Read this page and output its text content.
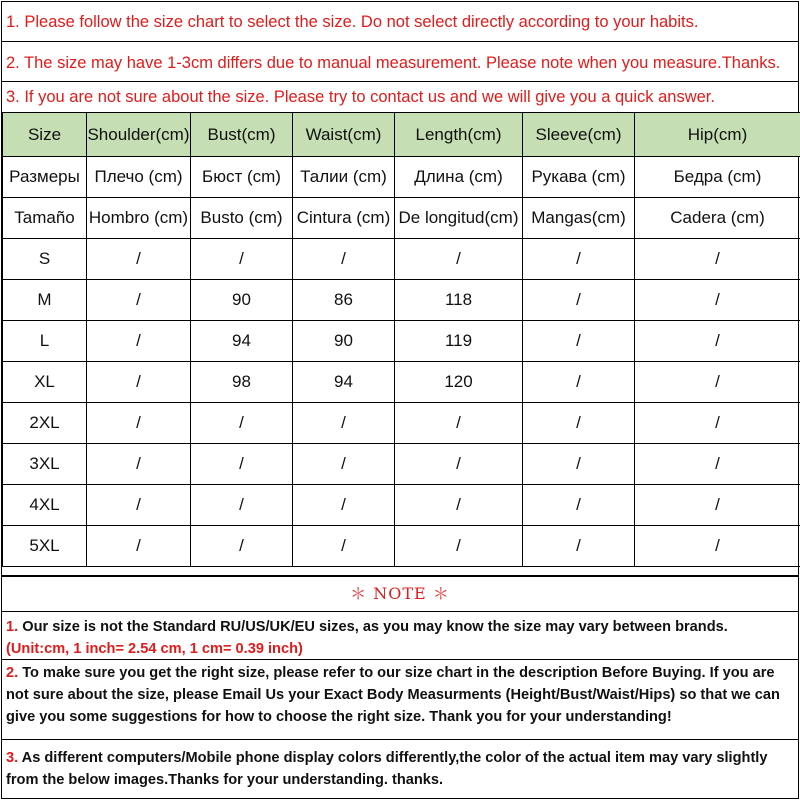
1. Please follow the size chart to select the size. Do not select directly according to your habits.
2. The size may have 1-3cm differs due to manual measurement. Please note when you measure.Thanks.
3. If you are not sure about the size. Please try to contact us and we will give you a quick answer.
Size	Shoulder(cm)	Bust(cm)	Waist(cm)	Length(cm)	Sleeve(cm)	Hip(cm)
Размеры	Плечо (cm)	Бюст (cm)	Талии (cm)	Длина (cm)	Рукава (cm)	Бедра (cm)
Tamaño	Hombro (cm)	Busto (cm)	Cintura (cm)	De longitud(cm)	Mangas(cm)	Cadera (cm)
S	/	/	/	/	/	/
M	/	90	86	118	/	/
L	/	94	90	119	/	/
XL	/	98	94	120	/	/
2XL	/	/	/	/	/	/
3XL	/	/	/	/	/	/
4XL	/	/	/	/	/	/
5XL	/	/	/	/	/	/
＊ NOTE ＊
1. Our size is not the Standard RU/US/UK/EU sizes, as you may know the size may vary between brands. (Unit:cm, 1 inch= 2.54 cm, 1 cm= 0.39 inch)
2. To make sure you get the right size, please refer to our size chart in the description Before Buying. If you are not sure about the size, please Email Us your Exact Body Measurments (Height/Bust/Waist/Hips) so that we can give you some suggestions for how to choose the right size. Thank you for your understanding!
3. As different computers/Mobile phone display colors differently,the color of the actual item may vary slightly from the below images.Thanks for your understanding. thanks.
